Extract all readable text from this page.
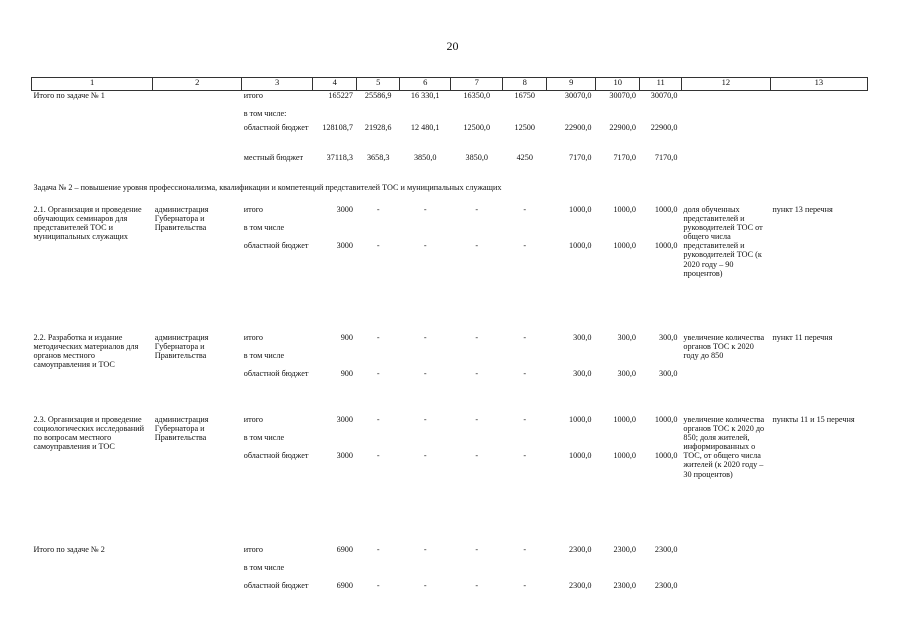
20
1	2	3	4	5	6	7	8	9	10	11	12	13
Итого по задаче № 1		итого	165227	25586,9	16 330,1	16350,0	16750	30070,0	30070,0	30070,0		
		в том числе:										
		областной бюджет	128108,7	21928,6	12 480,1	12500,0	12500	22900,0	22900,0	22900,0		
		местный бюджет	37118,3	3658,3	3850,0	3850,0	4250	7170,0	7170,0	7170,0		
Задача № 2 – повышение уровня профессионализма, квалификации и компетенций представителей ТОС и муниципальных служащих												
2.1. Организация и проведение обучающих семинаров для представителей ТОС и муниципальных служащих	администрация Губернатора и Правительства	итого	3000	-	-	-	-	1000,0	1000,0	1000,0	доля обученных представителей и руководителей ТОС от общего числа представителей и руководителей ТОС (к 2020 году – 90 процентов)	пункт 13 перечня
		в том числе										
		областной бюджет	3000	-	-	-	-	1000,0	1000,0	1000,0		

2.2. Разработка и издание методических материалов для органов местного самоуправления и ТОС	администрация Губернатора и Правительства	итого	900	-	-	-	-	300,0	300,0	300,0	увеличение количества органов ТОС к 2020 году до 850	пункт 11 перечня
		в том числе										
		областной бюджет	900	-	-	-	-	300,0	300,0	300,0		

2.3. Организация и проведение социологических исследований по вопросам местного самоуправления и ТОС	администрация Губернатора и Правительства	итого	3000	-	-	-	-	1000,0	1000,0	1000,0	увеличение количества органов ТОС к 2020 до 850; доля жителей, информированных о ТОС, от общего числа жителей (к 2020 году – 30 процентов)	пункты 11 и 15 перечня
		в том числе										
		областной бюджет	3000	-	-	-	-	1000,0	1000,0	1000,0		

Итого по задаче № 2		итого	6900	-	-	-	-	2300,0	2300,0	2300,0		
		в том числе										
		областной бюджет	6900	-	-	-	-	2300,0	2300,0	2300,0		
